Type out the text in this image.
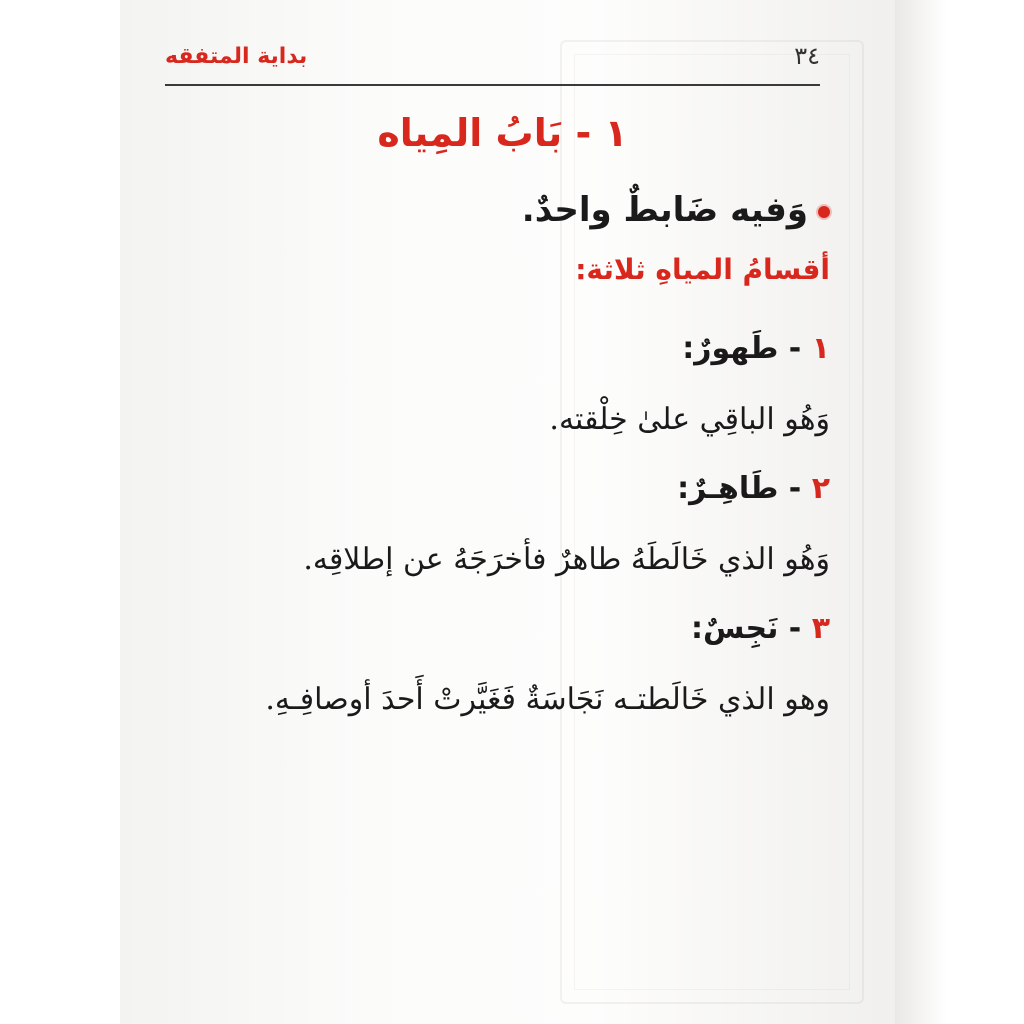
٣٤
بداية المتفقه
١ - بَابُ المِياه
وَفيه ضَابطٌ واحدٌ.
أقسامُ المياهِ ثلاثة:
١ - طَهورٌ:
وَهُو الباقِي علىٰ خِلْقته.
٢ - طَاهِـرٌ:
وَهُو الذي خَالَطَهُ طاهرٌ فأخرَجَهُ عن إطلاقِه.
٣ - نَجِسٌ:
وهو الذي خَالَطتـه نَجَاسَةٌ فَغَيَّرتْ أَحدَ أوصافِـهِ.
